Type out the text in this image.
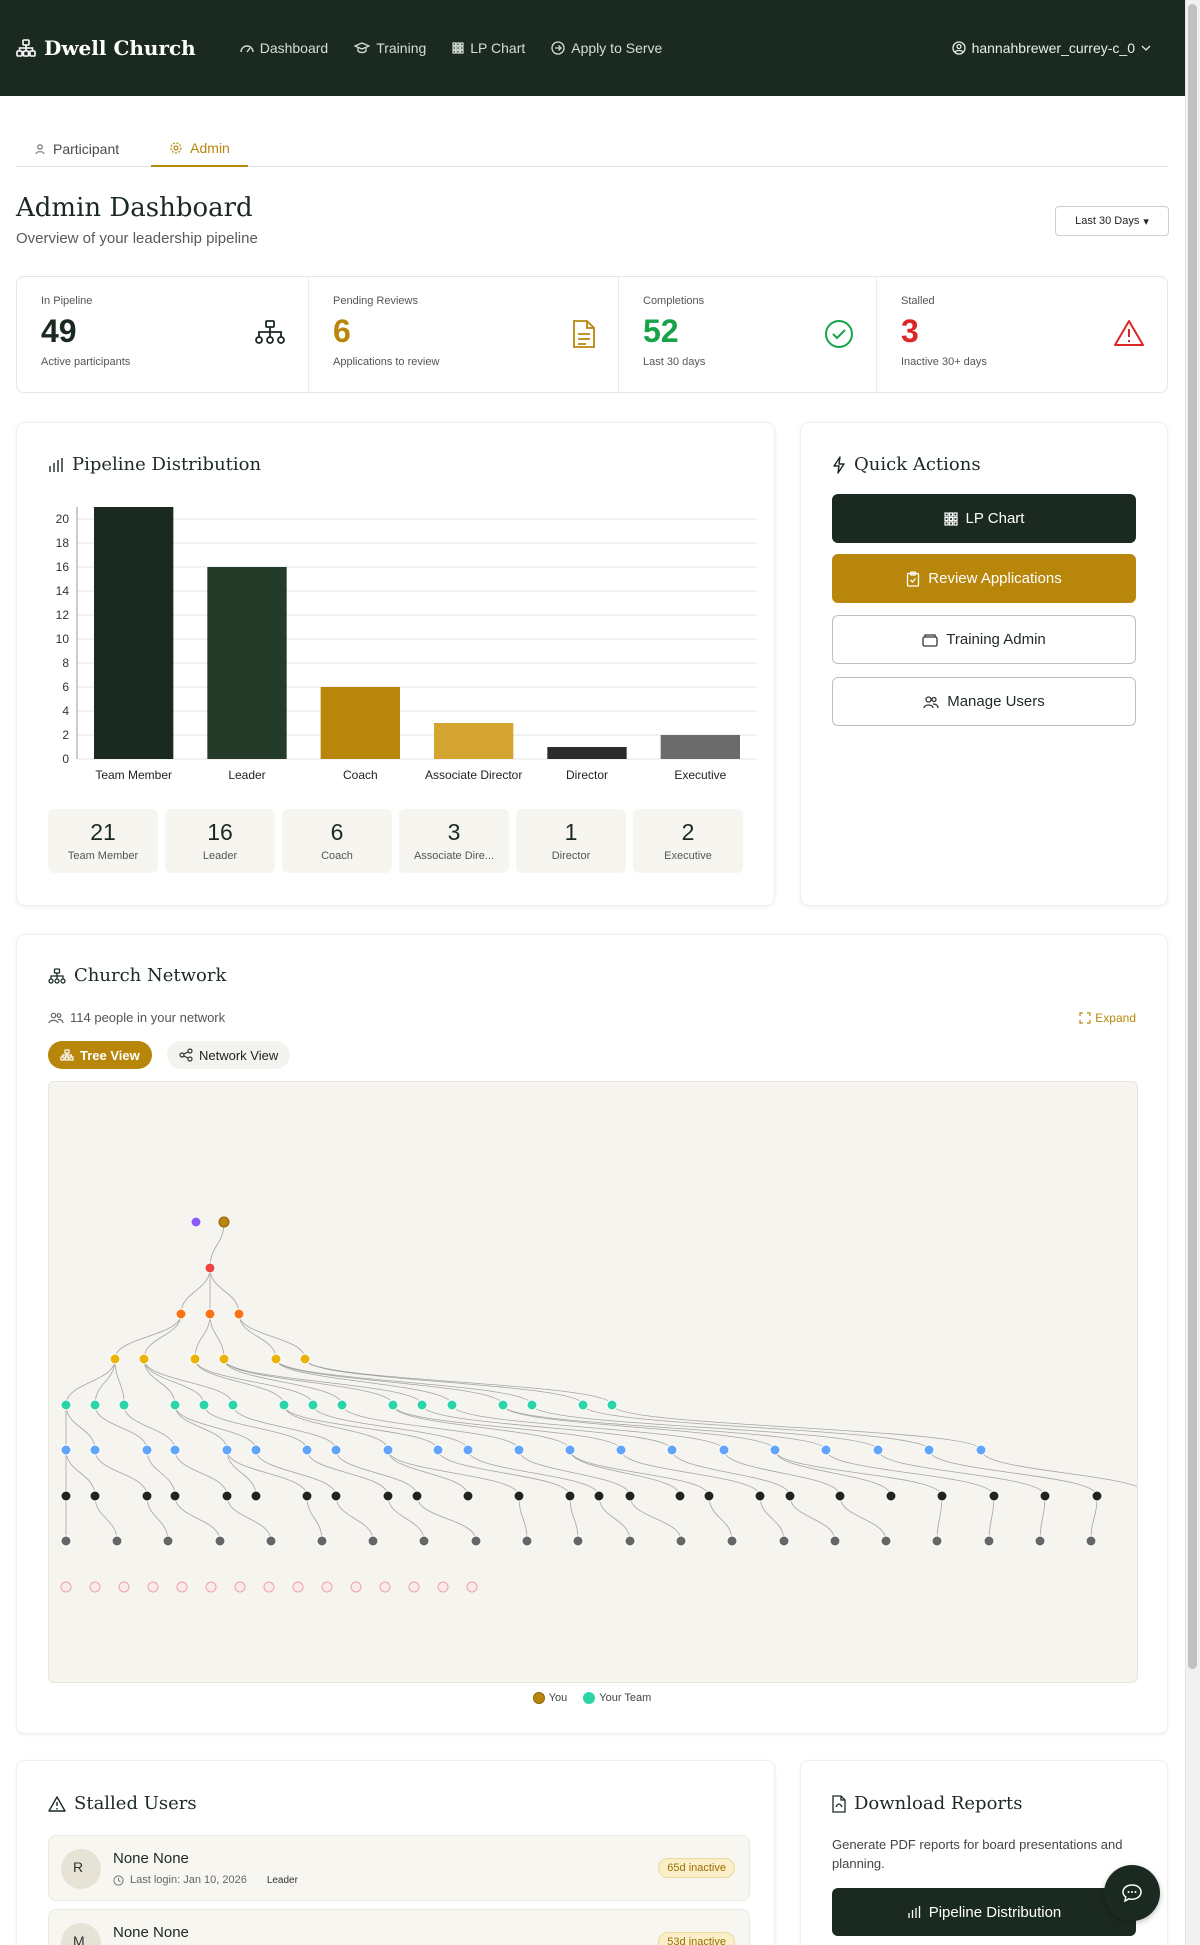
Dwell Church	Dashboard	Training	LP Chart	Apply to Serve	hannahbrewer_currey-c_0
Participant	Admin
Admin Dashboard
Overview of your leadership pipeline
Last 30 Days ▾
In Pipeline
49
Active participants
Pending Reviews
6
Applications to review
Completions
52
Last 30 days
Stalled
3
Inactive 30+ days
Pipeline Distribution
0
2
4
6
8
10
12
14
16
18
20
Team Member	Leader	Coach	Associate Director	Director	Executive
21
Team Member
16
Leader
6
Coach
3
Associate Dire...
1
Director
2
Executive
Quick Actions
LP Chart
Review Applications
Training Admin
Manage Users
Church Network
114 people in your network	Expand
Tree View	Network View
You	Your Team
Stalled Users
R	None None
Last login: Jan 10, 2026 Leader
65d inactive
M	None None
53d inactive
Download Reports
Generate PDF reports for board presentations and planning.
Pipeline Distribution
